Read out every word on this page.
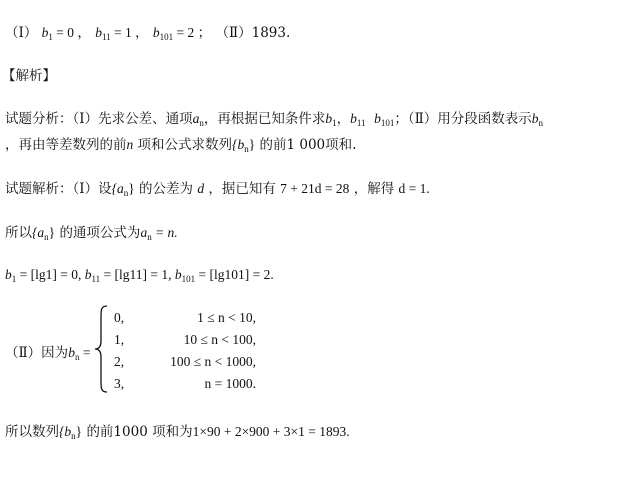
（Ⅰ） $b_1 = 0$ ， $b_{11} = 1$ ， $b_{101} = 2$ ； （Ⅱ）1893.
【解析】
试题分析：（Ⅰ）先求公差、通项$a_n$，再根据已知条件求$b_1$，$b_{11}$ $b_{101}$；（Ⅱ）用分段函数表示$b_n$
，再由等差数列的前n 项和公式求数列$\{b_n\}$ 的前1 000项和.
试题解析：（Ⅰ）设$\{a_n\}$ 的公差为 d ，据已知有 7 + 21d = 28 ，解得 d = 1.
所以$\{a_n\}$ 的通项公式为$a_n = n$.
$b_1 = [\lg 1] = 0$, $b_{11} = [\lg 11] = 1$, $b_{101} = [\lg 101] = 2$.
（Ⅱ）因为$b_n$ =
0,	1 ≤ n < 10,
1,	10 ≤ n < 100,
2,	100 ≤ n < 1000,
3,	n = 1000.
所以数列$\{b_n\}$ 的前1000 项和为1×90 + 2×900 + 3×1 = 1893.
